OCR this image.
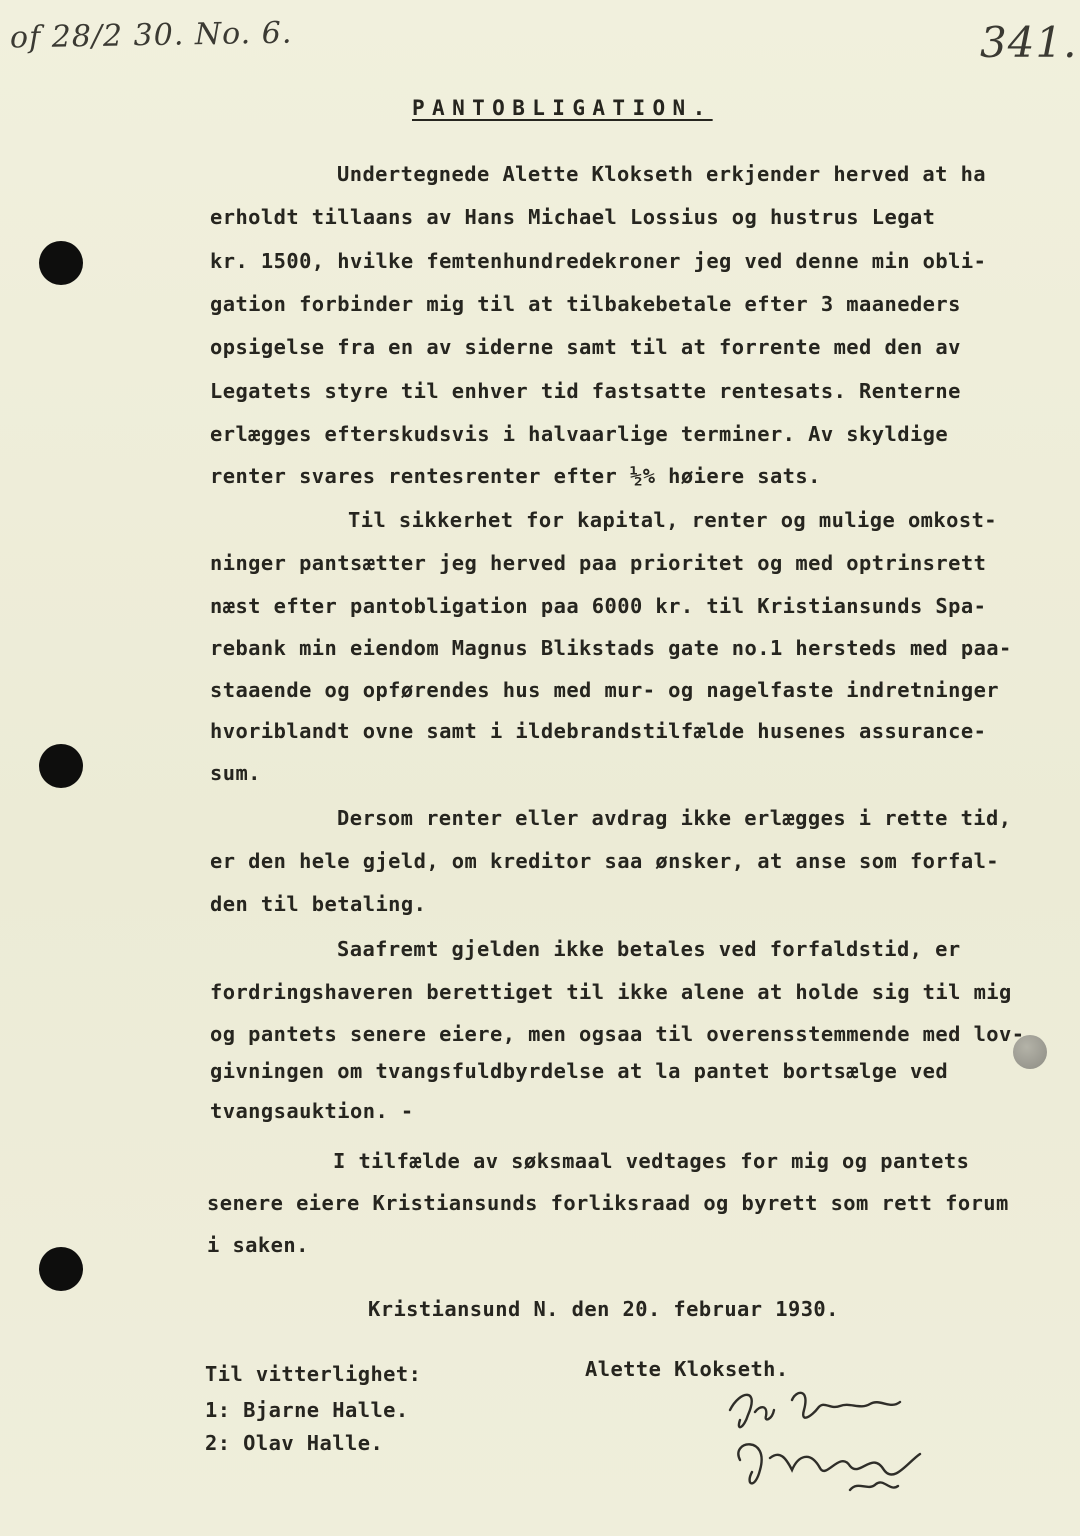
of 28/2 30. No. 6.	341.
PANTOBLIGATION.
Undertegnede Alette Klokseth erkjender herved at ha
erholdt tillaans av Hans Michael Lossius og hustrus Legat
kr. 1500, hvilke femtenhundredekroner jeg ved denne min obli-
gation forbinder mig til at tilbakebetale efter 3 maaneders
opsigelse fra en av siderne samt til at forrente med den av
Legatets styre til enhver tid fastsatte rentesats. Renterne
erlægges efterskudsvis i halvaarlige terminer. Av skyldige
renter svares rentesrenter efter ½% høiere sats.
Til sikkerhet for kapital, renter og mulige omkost-
ninger pantsætter jeg herved paa prioritet og med optrinsrett
næst efter pantobligation paa 6000 kr. til Kristiansunds Spa-
rebank min eiendom Magnus Blikstads gate no.1 hersteds med paa-
staaende og opførendes hus med mur- og nagelfaste indretninger
hvoriblandt ovne samt i ildebrandstilfælde husenes assurance-
sum.
Dersom renter eller avdrag ikke erlægges i rette tid,
er den hele gjeld, om kreditor saa ønsker, at anse som forfal-
den til betaling.
Saafremt gjelden ikke betales ved forfaldstid, er
fordringshaveren berettiget til ikke alene at holde sig til mig
og pantets senere eiere, men ogsaa til overensstemmende med lov-
givningen om tvangsfuldbyrdelse at la pantet bortsælge ved
tvangsauktion. -
I tilfælde av søksmaal vedtages for mig og pantets
senere eiere Kristiansunds forliksraad og byrett som rett forum
i saken.
Kristiansund N. den 20. februar 1930.
Alette Klokseth.
Til vitterlighet:
1: Bjarne Halle.
2: Olav Halle.
